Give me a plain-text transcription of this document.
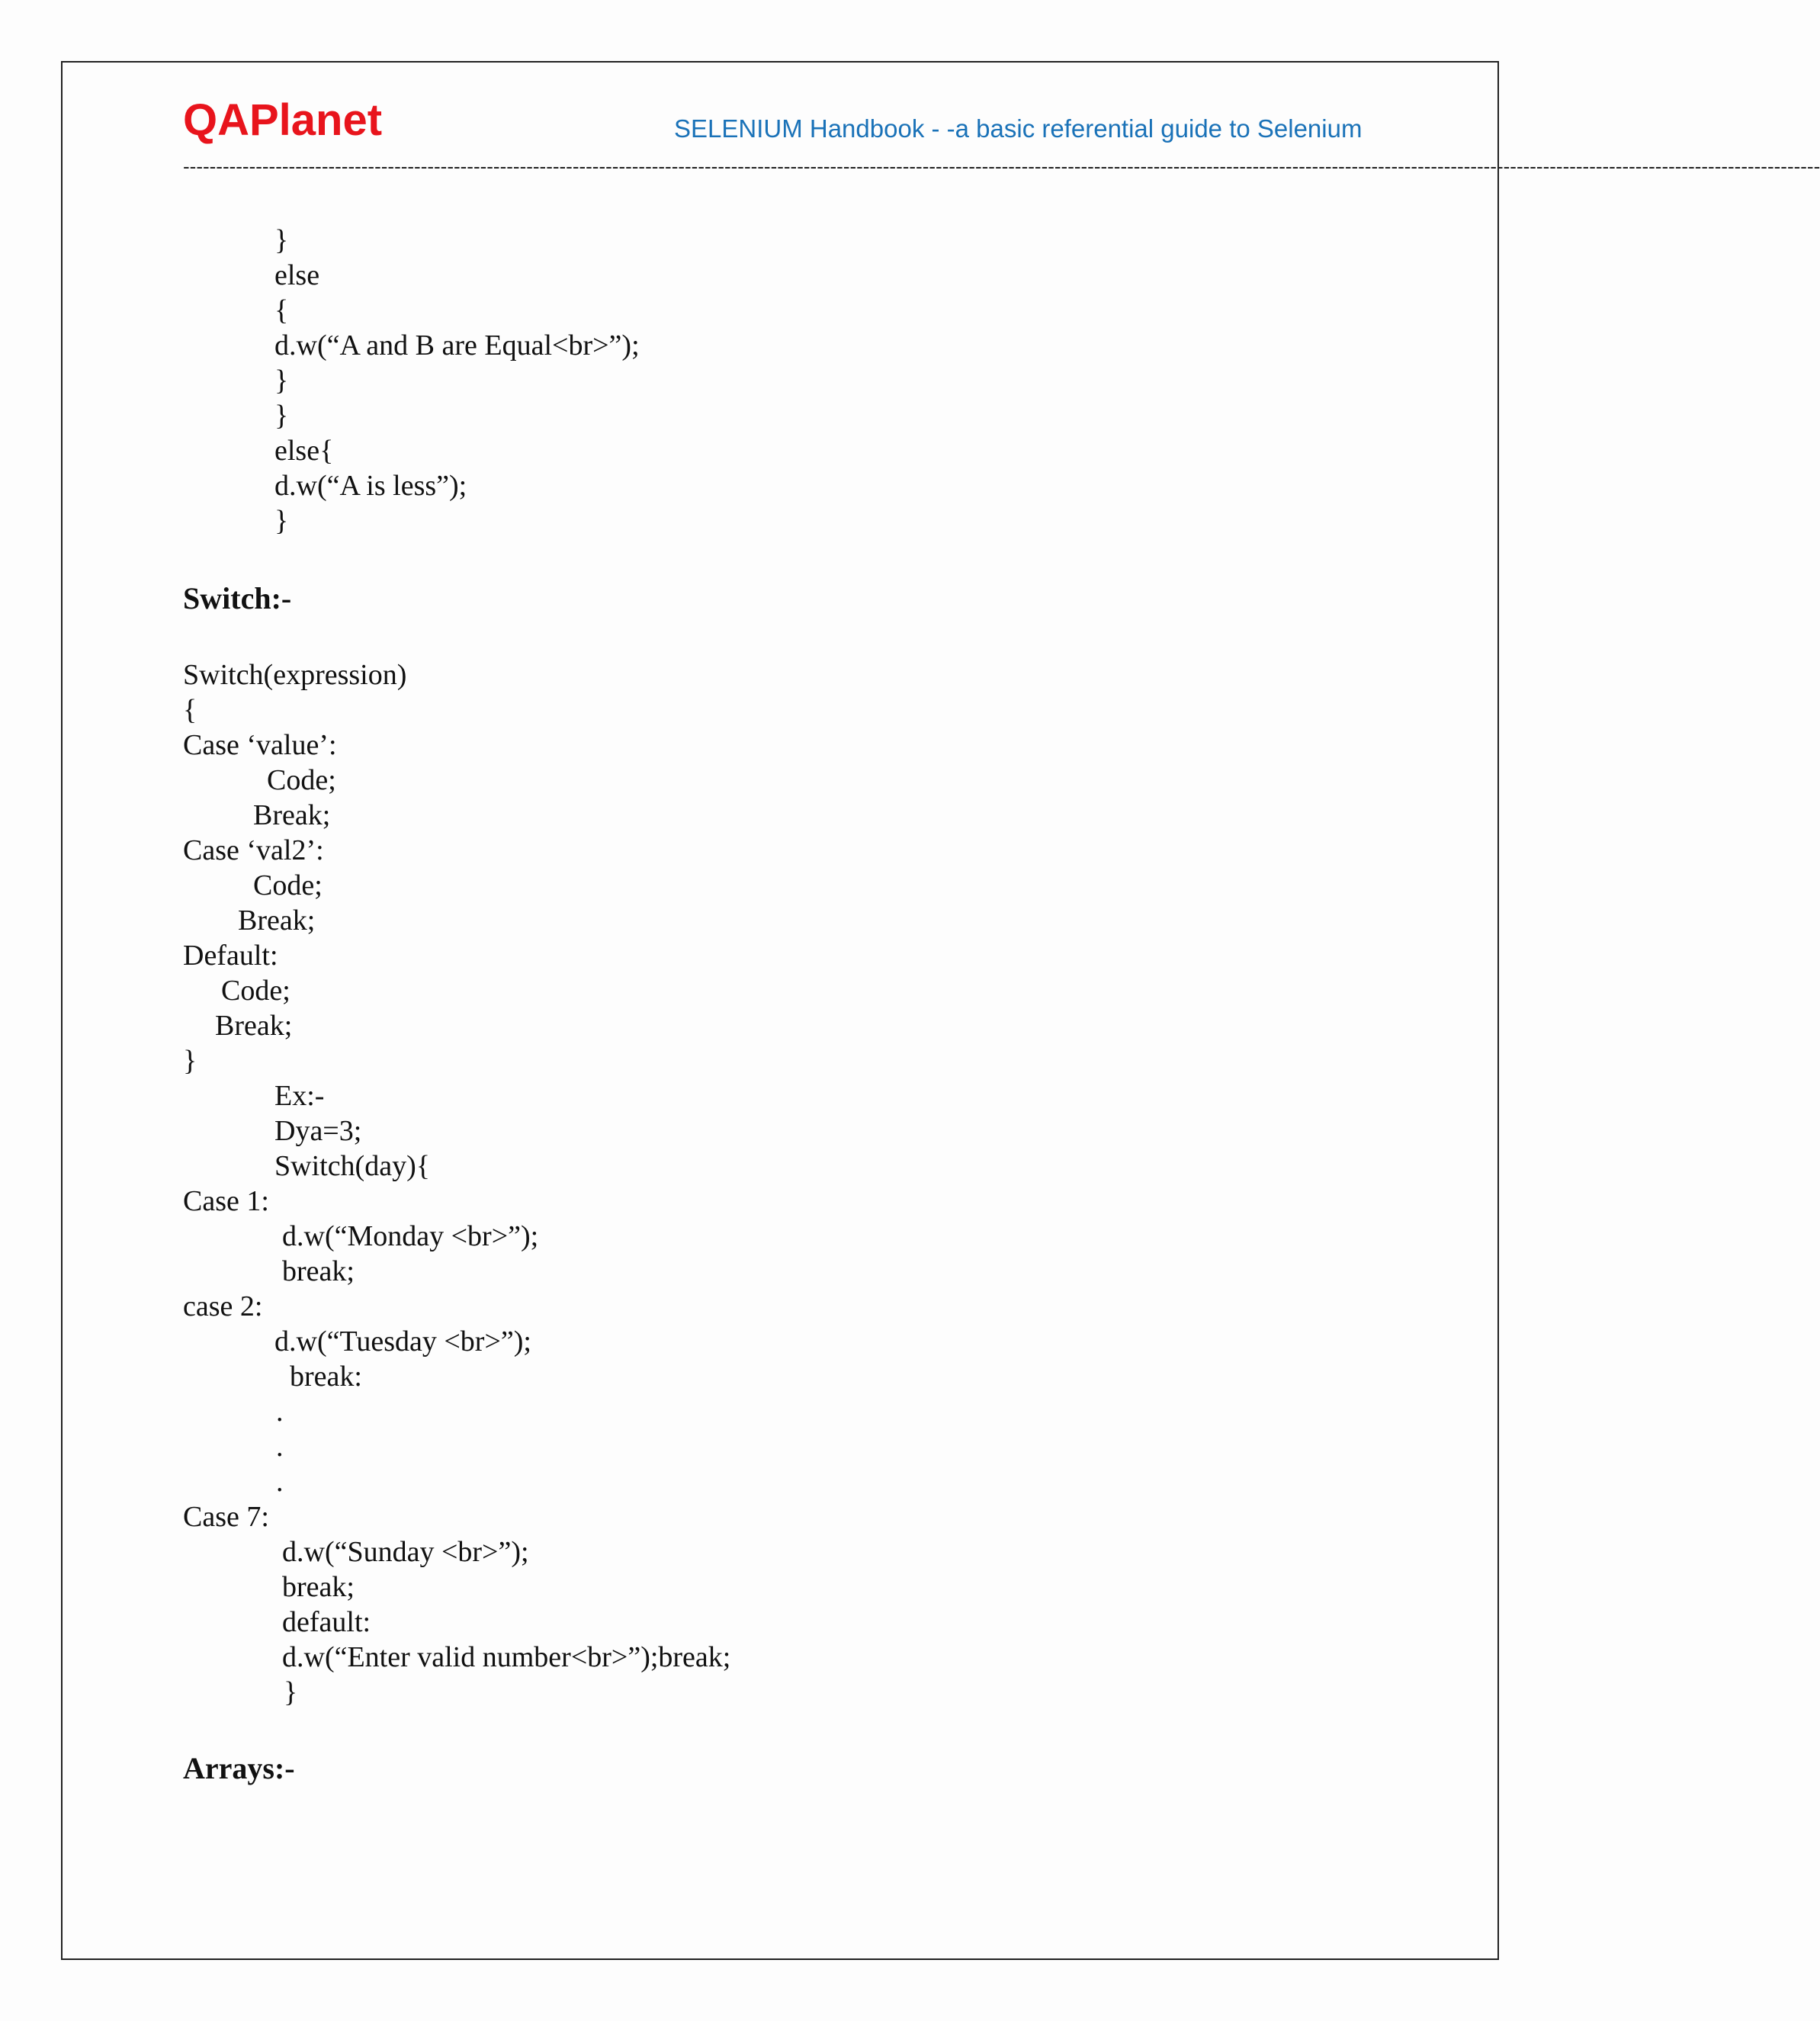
QAPlanet	SELENIUM Handbook - -a basic referential guide to Selenium
--------------------------------------------------------------------------------------------------------------------------------------------------------------------------------------------------------------------------------------------------------
}
else
{
d.w(“A and B are Equal<br>”);
}
}
else{
d.w(“A is less”);
}
Switch:-
Switch(expression)
{
Case ‘value’:
Code;
Break;
Case ‘val2’:
Code;
Break;
Default:
Code;
Break;
}
Ex:-
Dya=3;
Switch(day){
Case 1:
d.w(“Monday <br>”);
break;
case 2:
d.w(“Tuesday <br>”);
break:
.
.
.
Case 7:
d.w(“Sunday <br>”);
break;
default:
d.w(“Enter valid number<br>”);break;
}
Arrays:-
